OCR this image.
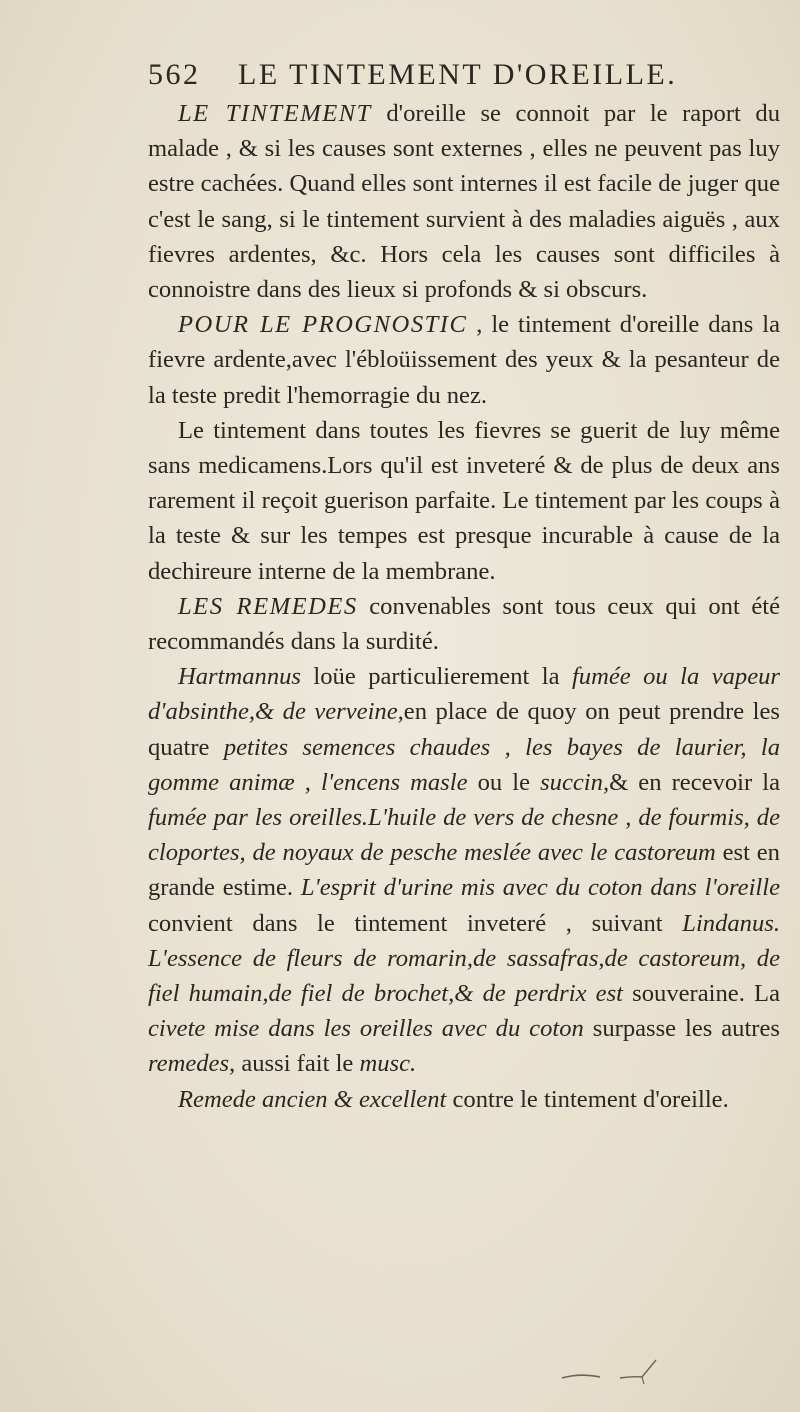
562 LE TINTEMENT D'OREILLE.

LE TINTEMENT d'oreille se connoit par le raport du malade , & si les causes sont externes , elles ne peuvent pas luy estre cachées. Quand elles sont internes il est facile de juger que c'est le sang, si le tintement survient à des maladies aiguës , aux fievres ardentes, &c. Hors cela les causes sont difficiles à connoistre dans des lieux si profonds & si obscurs.

POUR LE PROGNOSTIC , le tintement d'oreille dans la fievre ardente,avec l'ébloüissement des yeux & la pesanteur de la teste predit l'hemorragie du nez.

Le tintement dans toutes les fievres se guerit de luy même sans medicamens.Lors qu'il est inveteré & de plus de deux ans rarement il reçoit guerison parfaite. Le tintement par les coups à la teste & sur les tempes est presque incurable à cause de la dechireure interne de la membrane.

LES REMEDES convenables sont tous ceux qui ont été recommandés dans la surdité.

Hartmannus loüe particulierement la fumée ou la vapeur d'absinthe,& de verveine,en place de quoy on peut prendre les quatre petites semences chaudes , les bayes de laurier, la gomme animæ , l'encens masle ou le succin,& en recevoir la fumée par les oreilles.L'huile de vers de chesne , de fourmis, de cloportes, de noyaux de pesche meslée avec le castoreum est en grande estime. L'esprit d'urine mis avec du coton dans l'oreille convient dans le tintement inveteré , suivant Lindanus. L'essence de fleurs de romarin,de sassafras,de castoreum, de fiel humain,de fiel de brochet,& de perdrix est souveraine. La civete mise dans les oreilles avec du coton surpasse les autres remedes, aussi fait le musc.

Remede ancien & excellent contre le tintement d'oreille.
